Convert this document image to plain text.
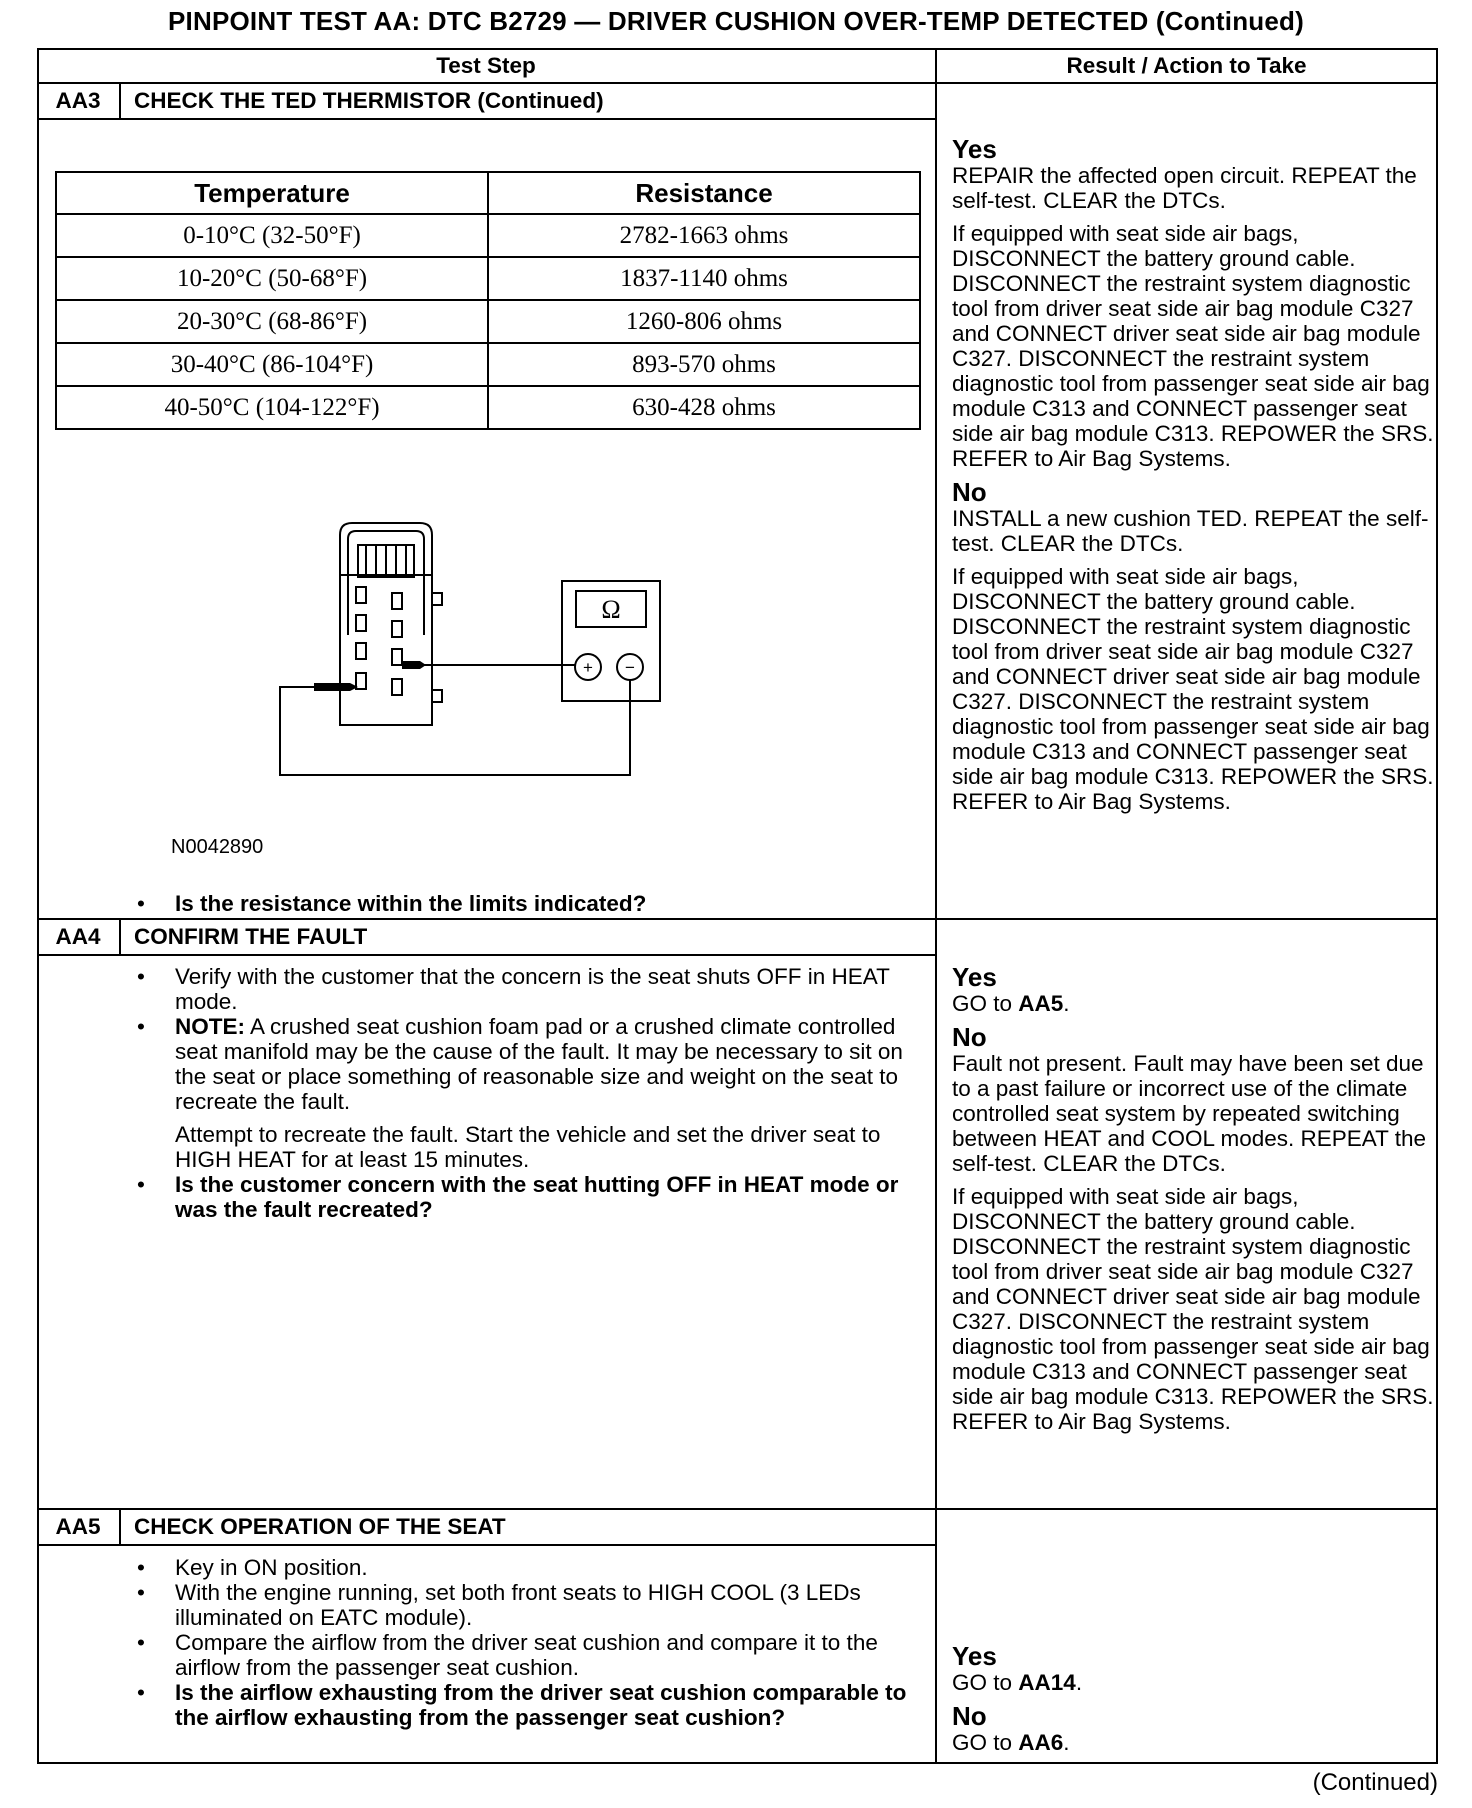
PINPOINT TEST AA: DTC B2729 — DRIVER CUSHION OVER-TEMP DETECTED (Continued)
Test Step	Result / Action to Take
AA3	CHECK THE TED THERMISTOR (Continued)
Temperature	Resistance
0-10°C (32-50°F)	2782-1663 ohms
10-20°C (50-68°F)	1837-1140 ohms
20-30°C (68-86°F)	1260-806 ohms
30-40°C (86-104°F)	893-570 ohms
40-50°C (104-122°F)	630-428 ohms
Ω
+ −
N0042890
• Is the resistance within the limits indicated?
Yes

REPAIR the affected open circuit. REPEAT the self-test. CLEAR the DTCs.

If equipped with seat side air bags, DISCONNECT the battery ground cable. DISCONNECT the restraint system diagnostic tool from driver seat side air bag module C327 and CONNECT driver seat side air bag module C327. DISCONNECT the restraint system diagnostic tool from passenger seat side air bag module C313 and CONNECT passenger seat side air bag module C313. REPOWER the SRS. REFER to Air Bag Systems.

No

INSTALL a new cushion TED. REPEAT the self-test. CLEAR the DTCs.

If equipped with seat side air bags, DISCONNECT the battery ground cable. DISCONNECT the restraint system diagnostic tool from driver seat side air bag module C327 and CONNECT driver seat side air bag module C327. DISCONNECT the restraint system diagnostic tool from passenger seat side air bag module C313 and CONNECT passenger seat side air bag module C313. REPOWER the SRS. REFER to Air Bag Systems.

AA4	CONFIRM THE FAULT
• Verify with the customer that the concern is the seat shuts OFF in HEAT mode.
• NOTE: A crushed seat cushion foam pad or a crushed climate controlled seat manifold may be the cause of the fault. It may be necessary to sit on the seat or place something of reasonable size and weight on the seat to recreate the fault.
Attempt to recreate the fault. Start the vehicle and set the driver seat to HIGH HEAT for at least 15 minutes.
• Is the customer concern with the seat hutting OFF in HEAT mode or was the fault recreated?
Yes

GO to AA5.

No

Fault not present. Fault may have been set due to a past failure or incorrect use of the climate controlled seat system by repeated switching between HEAT and COOL modes. REPEAT the self-test. CLEAR the DTCs.

If equipped with seat side air bags, DISCONNECT the battery ground cable. DISCONNECT the restraint system diagnostic tool from driver seat side air bag module C327 and CONNECT driver seat side air bag module C327. DISCONNECT the restraint system diagnostic tool from passenger seat side air bag module C313 and CONNECT passenger seat side air bag module C313. REPOWER the SRS. REFER to Air Bag Systems.

AA5	CHECK OPERATION OF THE SEAT
• Key in ON position.
• With the engine running, set both front seats to HIGH COOL (3 LEDs illuminated on EATC module).
• Compare the airflow from the driver seat cushion and compare it to the airflow from the passenger seat cushion.
• Is the airflow exhausting from the driver seat cushion comparable to the airflow exhausting from the passenger seat cushion?
Yes

GO to AA14.

No

GO to AA6.

(Continued)
